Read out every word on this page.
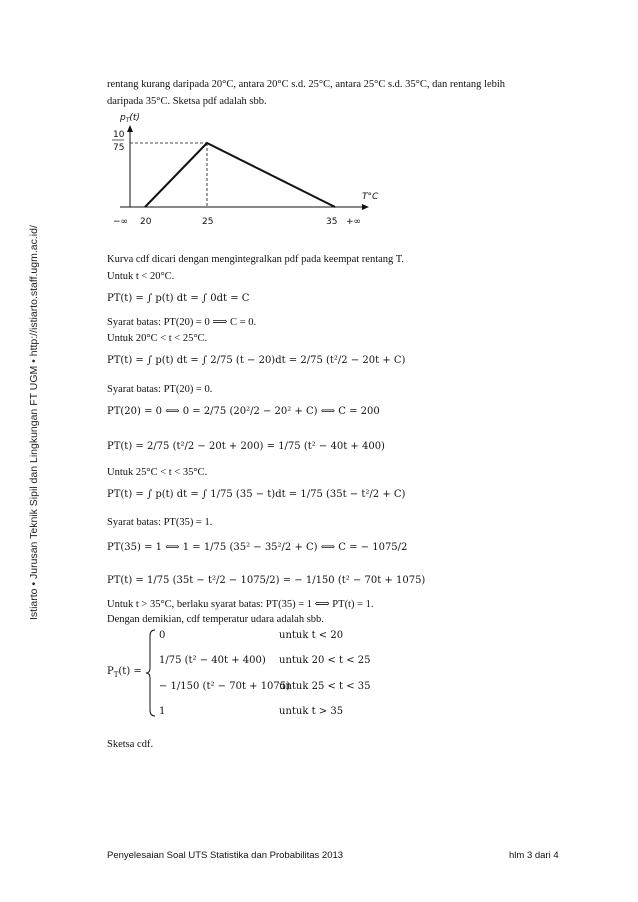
Istiarto • Jurusan Teknik Sipil dan Lingkungan FT UGM • http://istiarto.staff.ugm.ac.id/
rentang kurang daripada 20°C, antara 20°C s.d. 25°C, antara 25°C s.d. 35°C, dan rentang lebih
daripada 35°C. Sketsa pdf adalah sbb.
$p_T(t)$
10
75
T°C
−∞ 20	25	35 +∞
Kurva cdf dicari dengan mengintegralkan pdf pada keempat rentang T.
Untuk t < 20°C.
PT(t) = ∫ p(t) dt = ∫ 0dt = C
Syarat batas: PT(20) = 0 ⟹ C = 0.
Untuk 20°C < t < 25°C.
PT(t) = ∫ p(t) dt = ∫ 2/75 (t − 20)dt = 2/75 (t²/2 − 20t + C)
Syarat batas: PT(20) = 0.
PT(20) = 0 ⟺ 0 = 2/75 (20²/2 − 20² + C) ⟺ C = 200
PT(t) = 2/75 (t²/2 − 20t + 200) = 1/75 (t² − 40t + 400)
Untuk 25°C < t < 35°C.
PT(t) = ∫ p(t) dt = ∫ 1/75 (35 − t)dt = 1/75 (35t − t²/2 + C)
Syarat batas: PT(35) = 1.
PT(35) = 1 ⟺ 1 = 1/75 (35² − 35²/2 + C) ⟺ C = − 1075/2
PT(t) = 1/75 (35t − t²/2 − 1075/2) = − 1/150 (t² − 70t + 1075)
Untuk t > 35°C, berlaku syarat batas: PT(35) = 1 ⟺ PT(t) = 1.
Dengan demikian, cdf temperatur udara adalah sbb.
$P_T(t)$ =
0	untuk t < 20
1/75 (t² − 40t + 400) untuk 20 < t < 25
− 1/150 (t² − 70t + 1075)
untuk 25 < t < 35
1	untuk t > 35
Sketsa cdf.
Penyelesaian Soal UTS Statistika dan Probabilitas 2013	hlm 3 dari 4
